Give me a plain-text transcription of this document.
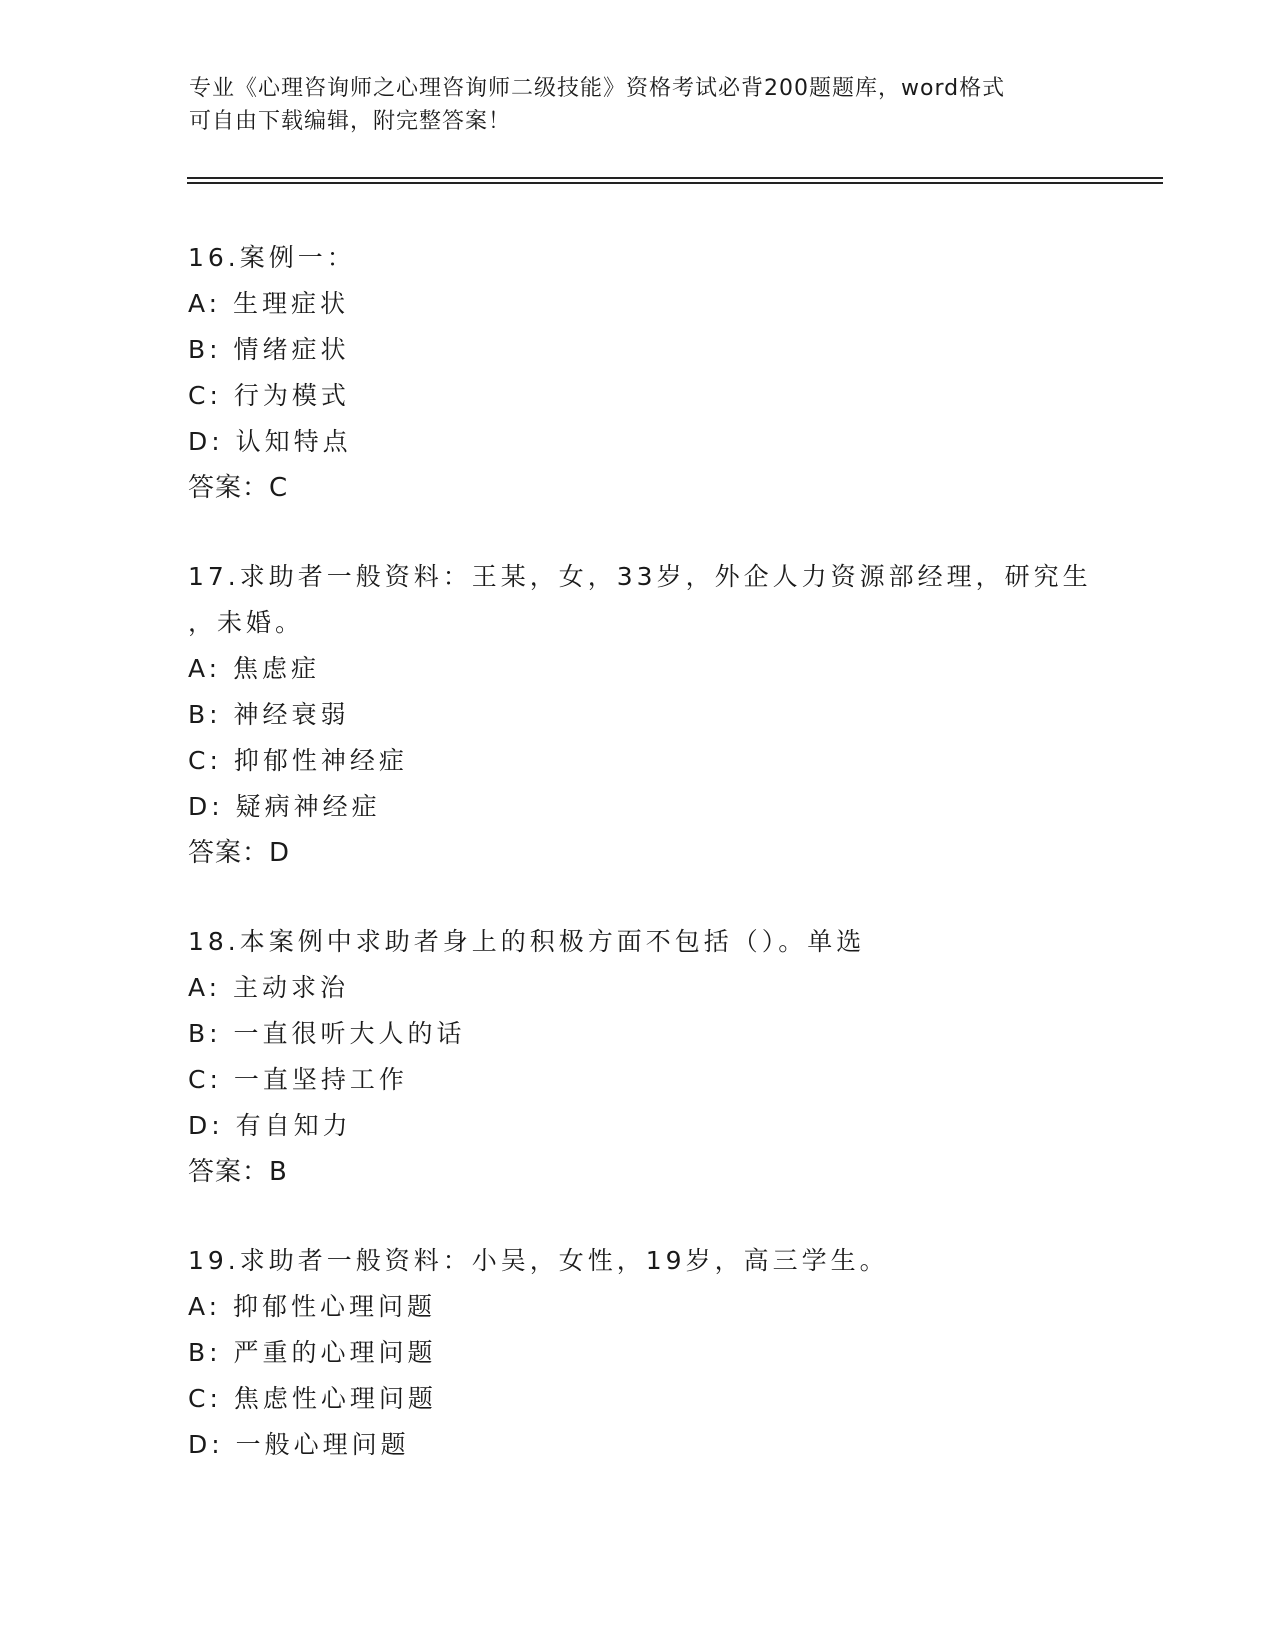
专业《心理咨询师之心理咨询师二级技能》资格考试必背200题题库，word格式
可自由下载编辑，附完整答案！
16.案例一：
A: 生理症状
B: 情绪症状
C: 行为模式
D: 认知特点
答案：C
17.求助者一般资料：王某，女，33岁，外企人力资源部经理，研究生
，未婚。
A: 焦虑症
B: 神经衰弱
C: 抑郁性神经症
D: 疑病神经症
答案：D
18.本案例中求助者身上的积极方面不包括（）。单选
A: 主动求治
B: 一直很听大人的话
C: 一直坚持工作
D: 有自知力
答案：B
19.求助者一般资料：小吴，女性，19岁，高三学生。
A: 抑郁性心理问题
B: 严重的心理问题
C: 焦虑性心理问题
D: 一般心理问题
